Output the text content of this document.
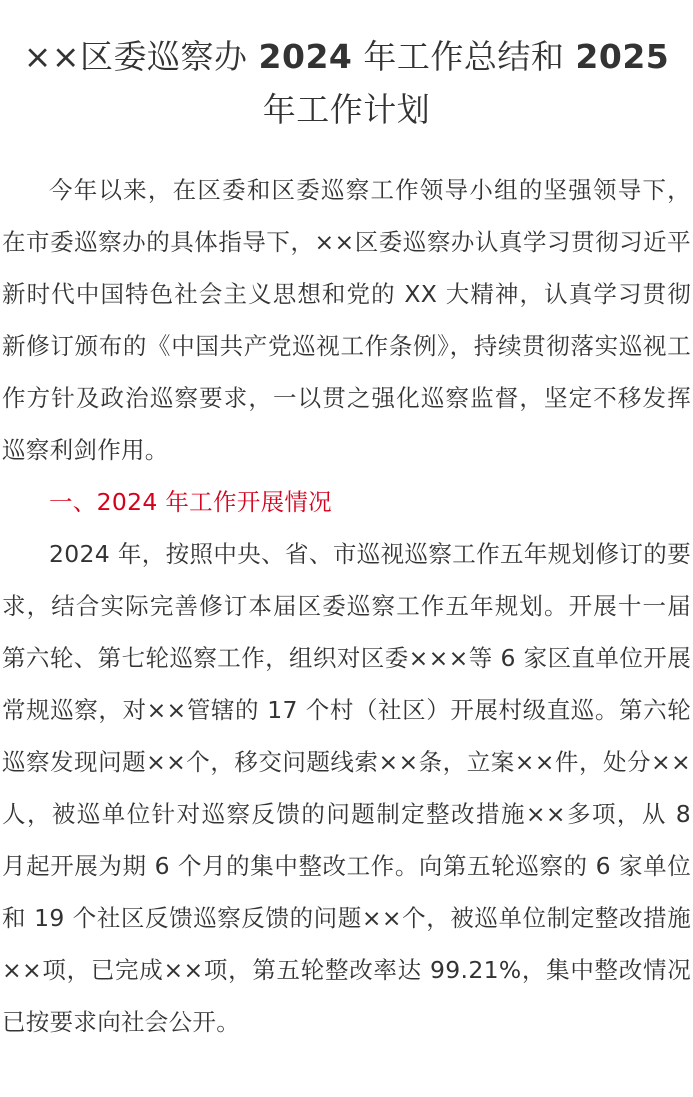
××区委巡察办 2024 年工作总结和 2025 年工作计划

今年以来，在区委和区委巡察工作领导小组的坚强领导下，在市委巡察办的具体指导下，××区委巡察办认真学习贯彻习近平新时代中国特色社会主义思想和党的 XX 大精神，认真学习贯彻新修订颁布的《中国共产党巡视工作条例》，持续贯彻落实巡视工作方针及政治巡察要求，一以贯之强化巡察监督，坚定不移发挥巡察利剑作用。

一、2024 年工作开展情况

2024 年，按照中央、省、市巡视巡察工作五年规划修订的要求，结合实际完善修订本届区委巡察工作五年规划。开展十一届第六轮、第七轮巡察工作，组织对区委×××等 6 家区直单位开展常规巡察，对××管辖的 17 个村（社区）开展村级直巡。第六轮巡察发现问题××个，移交问题线索××条，立案××件，处分××人，被巡单位针对巡察反馈的问题制定整改措施××多项，从 8 月起开展为期 6 个月的集中整改工作。向第五轮巡察的 6 家单位和 19 个社区反馈巡察反馈的问题××个，被巡单位制定整改措施××项，已完成××项，第五轮整改率达 99.21%，集中整改情况已按要求向社会公开。
